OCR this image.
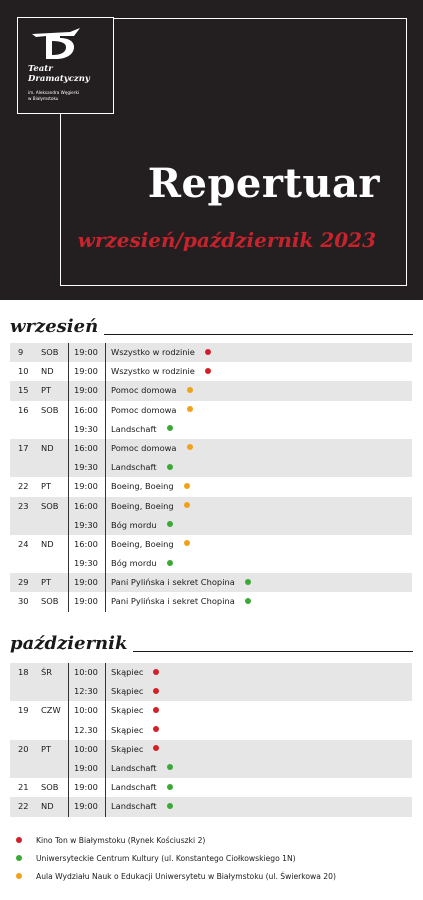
Teatr
Dramatyczny
im. Aleksandra Węgierki
w Białymstoku
Repertuar
wrzesień/październik 2023
wrzesień
9 SOB 19:00 Wszystko w rodzinie
10 ND 19:00 Wszystko w rodzinie
15 PT	19:00 Pomoc domowa
16 SOB 16:00 Pomoc domowa
19:30 Landschaft
17 ND 16:00 Pomoc domowa
19:30 Landschaft
22 PT	19:00 Boeing, Boeing
23 SOB 16:00 Boeing, Boeing
19:30 Bóg mordu
24 ND 16:00 Boeing, Boeing
19:30 Bóg mordu
29 PT	19:00 Pani Pylińska i sekret Chopina
30 SOB 19:00 Pani Pylińska i sekret Chopina
październik
18 ŚR	10:00 Skąpiec
12:30 Skąpiec
19 CZW 10:00 Skąpiec
12.30 Skąpiec
20 PT	10:00 Skąpiec
19:00 Landschaft
21 SOB 19:00 Landschaft
22 ND 19:00 Landschaft
Kino Ton w Białymstoku (Rynek Kościuszki 2)
Uniwersyteckie Centrum Kultury (ul. Konstantego Ciołkowskiego 1N)
Aula Wydziału Nauk o Edukacji Uniwersytetu w Białymstoku (ul. Świerkowa 20)
